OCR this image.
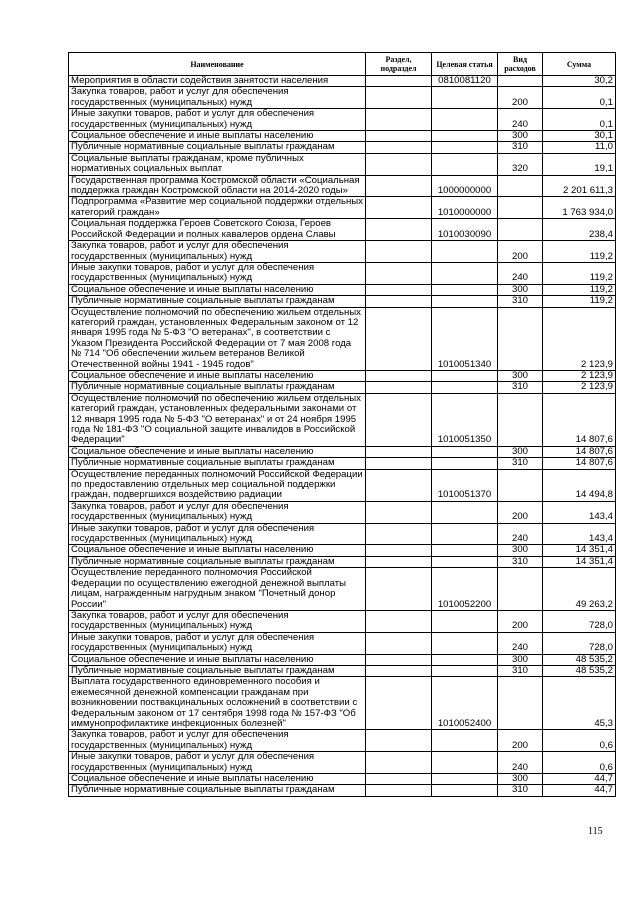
Наименование	Раздел, подраздел	Целевая статья	Вид расходов	Сумма
Мероприятия в области содействия занятости населения		0810081120		30,2
Закупка товаров, работ и услуг для обеспечения государственных (муниципальных) нужд			200	0,1
Иные закупки товаров, работ и услуг для обеспечения государственных (муниципальных) нужд			240	0,1
Социальное обеспечение и иные выплаты населению			300	30,1
Публичные нормативные социальные выплаты гражданам			310	11,0
Социальные выплаты гражданам, кроме публичных нормативных социальных выплат			320	19,1
Государственная программа Костромской области «Социальная поддержка граждан Костромской области на 2014-2020 годы»		1000000000		2 201 611,3
Подпрограмма «Развитие мер социальной поддержки отдельных категорий граждан»		1010000000		1 763 934,0
Социальная поддержка Героев Советского Союза, Героев Российской Федерации и полных кавалеров ордена Славы		1010030090		238,4
Закупка товаров, работ и услуг для обеспечения государственных (муниципальных) нужд			200	119,2
Иные закупки товаров, работ и услуг для обеспечения государственных (муниципальных) нужд			240	119,2
Социальное обеспечение и иные выплаты населению			300	119,2
Публичные нормативные социальные выплаты гражданам			310	119,2
Осуществление полномочий по обеспечению жильем отдельных категорий граждан, установленных Федеральным законом от 12 января 1995 года № 5-ФЗ "О ветеранах", в соответствии с Указом Президента Российской Федерации от 7 мая 2008 года № 714 "Об обеспечении жильем ветеранов Великой Отечественной войны 1941 - 1945 годов"		1010051340		2 123,9
Социальное обеспечение и иные выплаты населению			300	2 123,9
Публичные нормативные социальные выплаты гражданам			310	2 123,9
Осуществление полномочий по обеспечению жильем отдельных категорий граждан, установленных федеральными законами от 12 января 1995 года № 5-ФЗ "О ветеранах" и от 24 ноября 1995 года № 181-ФЗ "О социальной защите инвалидов в Российской Федерации"		1010051350		14 807,6
Социальное обеспечение и иные выплаты населению			300	14 807,6
Публичные нормативные социальные выплаты гражданам			310	14 807,6
Осуществление переданных полномочий Российской Федерации по предоставлению отдельных мер социальной поддержки граждан, подвергшихся воздействию радиации		1010051370		14 494,8
Закупка товаров, работ и услуг для обеспечения государственных (муниципальных) нужд			200	143,4
Иные закупки товаров, работ и услуг для обеспечения государственных (муниципальных) нужд			240	143,4
Социальное обеспечение и иные выплаты населению			300	14 351,4
Публичные нормативные социальные выплаты гражданам			310	14 351,4
Осуществление переданного полномочия Российской Федерации по осуществлению ежегодной денежной выплаты лицам, награжденным нагрудным знаком "Почетный донор России"		1010052200		49 263,2
Закупка товаров, работ и услуг для обеспечения государственных (муниципальных) нужд			200	728,0
Иные закупки товаров, работ и услуг для обеспечения государственных (муниципальных) нужд			240	728,0
Социальное обеспечение и иные выплаты населению			300	48 535,2
Публичные нормативные социальные выплаты гражданам			310	48 535,2
Выплата государственного единовременного пособия и ежемесячной денежной компенсации гражданам при возникновении поствакцинальных осложнений в соответствии с Федеральным законом от 17 сентября 1998 года № 157-ФЗ "Об иммунопрофилактике инфекционных болезней"		1010052400		45,3
Закупка товаров, работ и услуг для обеспечения государственных (муниципальных) нужд			200	0,6
Иные закупки товаров, работ и услуг для обеспечения государственных (муниципальных) нужд			240	0,6
Социальное обеспечение и иные выплаты населению			300	44,7
Публичные нормативные социальные выплаты гражданам			310	44,7
115
